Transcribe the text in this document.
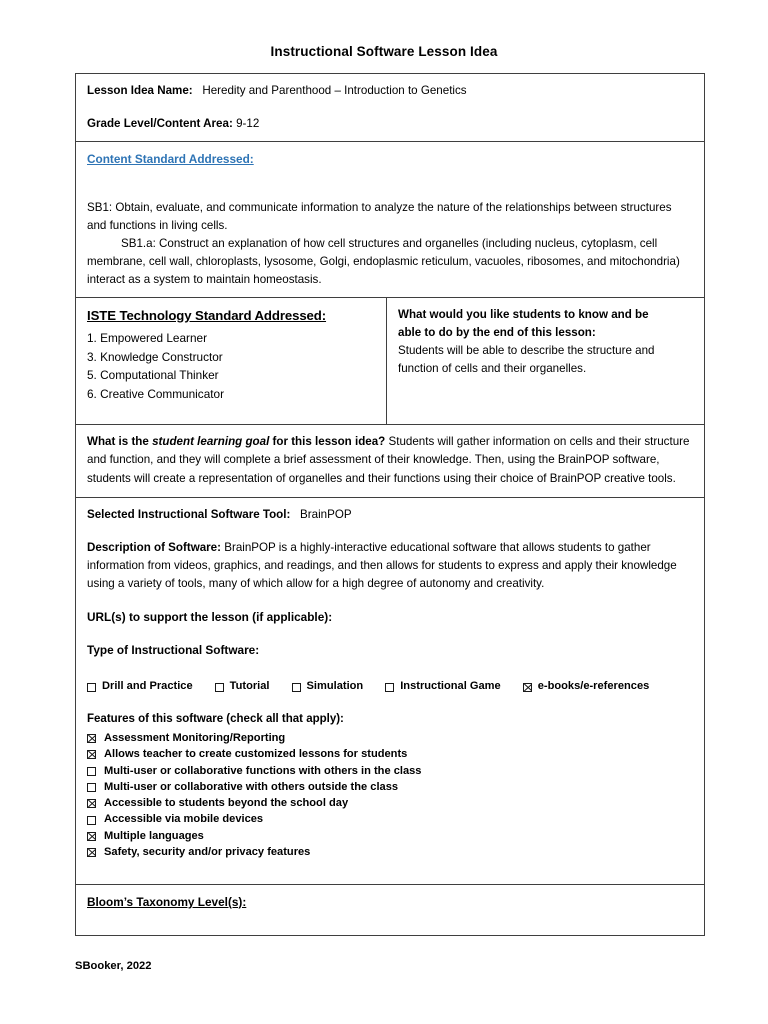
Instructional Software Lesson Idea
Lesson Idea Name: Heredity and Parenthood – Introduction to Genetics
Grade Level/Content Area: 9-12
Content Standard Addressed:
SB1: Obtain, evaluate, and communicate information to analyze the nature of the relationships between structures and functions in living cells.
SB1.a: Construct an explanation of how cell structures and organelles (including nucleus, cytoplasm, cell membrane, cell wall, chloroplasts, lysosome, Golgi, endoplasmic reticulum, vacuoles, ribosomes, and mitochondria) interact as a system to maintain homeostasis.
ISTE Technology Standard Addressed:
1. Empowered Learner
3. Knowledge Constructor
5. Computational Thinker
6. Creative Communicator
What would you like students to know and be
able to do by the end of this lesson:
Students will be able to describe the structure and function of cells and their organelles.
What is the student learning goal for this lesson idea? Students will gather information on cells and their structure and function, and they will complete a brief assessment of their knowledge. Then, using the BrainPOP software, students will create a representation of organelles and their functions using their choice of BrainPOP creative tools.
Selected Instructional Software Tool: BrainPOP
Description of Software: BrainPOP is a highly-interactive educational software that allows students to gather information from videos, graphics, and readings, and then allows for students to express and apply their knowledge using a variety of tools, many of which allow for a high degree of autonomy and creativity.
URL(s) to support the lesson (if applicable):
Type of Instructional Software:
Drill and Practice	Tutorial	Simulation	Instructional Game	e-books/e-references
Features of this software (check all that apply):
Assessment Monitoring/Reporting
Allows teacher to create customized lessons for students
Multi-user or collaborative functions with others in the class
Multi-user or collaborative with others outside the class
Accessible to students beyond the school day
Accessible via mobile devices
Multiple languages
Safety, security and/or privacy features
Bloom’s Taxonomy Level(s):
SBooker, 2022
